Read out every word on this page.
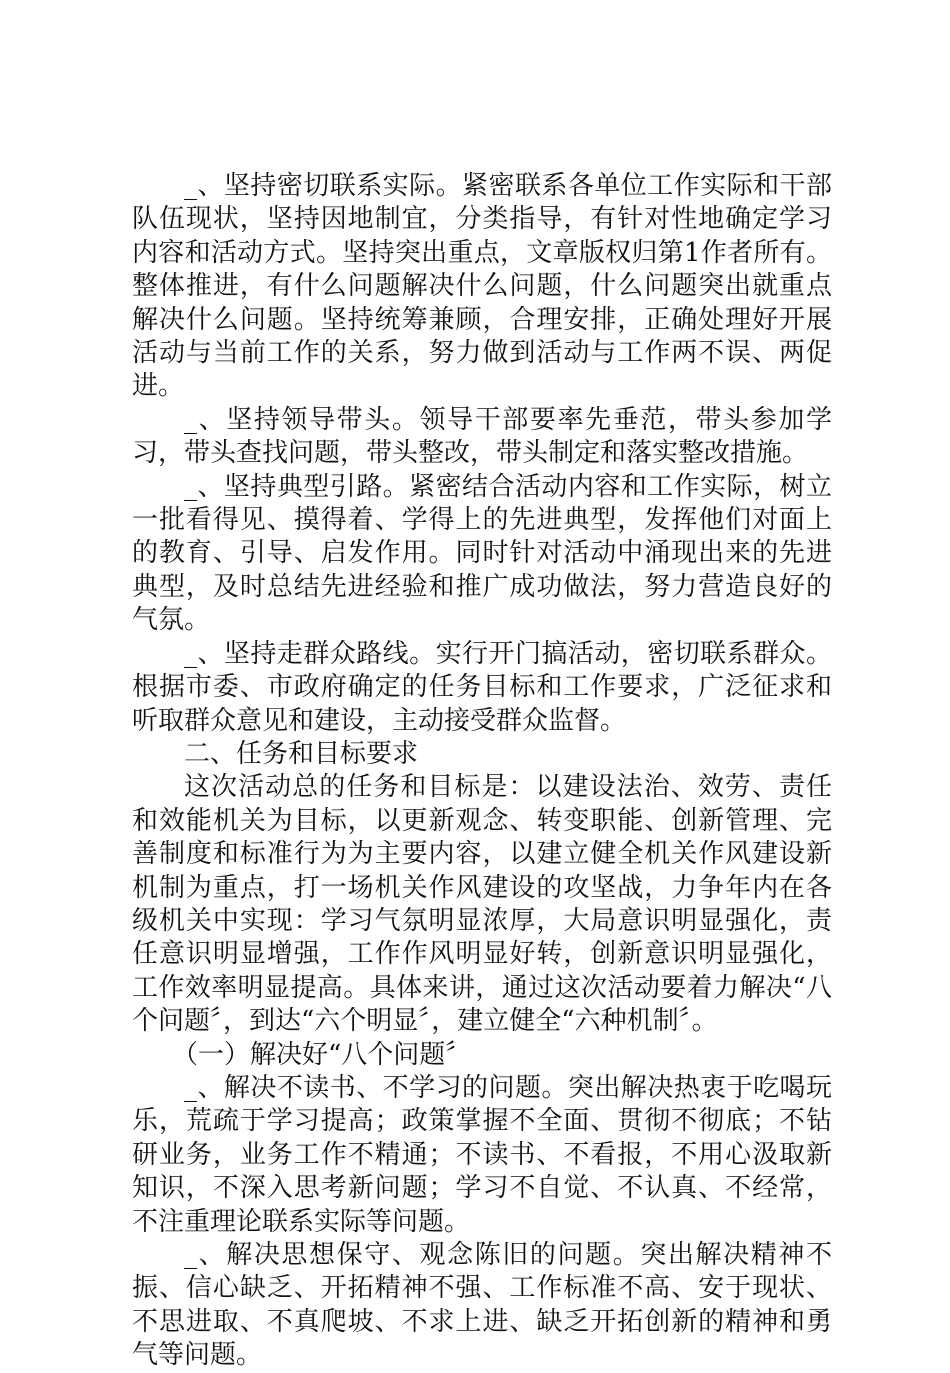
_、坚持密切联系实际。紧密联系各单位工作实际和干部队伍现状，坚持因地制宜，分类指导，有针对性地确定学习内容和活动方式。坚持突出重点，文章版权归第1作者所有。整体推进，有什么问题解决什么问题，什么问题突出就重点解决什么问题。坚持统筹兼顾，合理安排，正确处理好开展活动与当前工作的关系，努力做到活动与工作两不误、两促进。

_、坚持领导带头。领导干部要率先垂范，带头参加学习，带头查找问题，带头整改，带头制定和落实整改措施。

_、坚持典型引路。紧密结合活动内容和工作实际，树立一批看得见、摸得着、学得上的先进典型，发挥他们对面上的教育、引导、启发作用。同时针对活动中涌现出来的先进典型，及时总结先进经验和推广成功做法，努力营造良好的气氛。

_、坚持走群众路线。实行开门搞活动，密切联系群众。根据市委、市政府确定的任务目标和工作要求，广泛征求和听取群众意见和建设，主动接受群众监督。

二、任务和目标要求

这次活动总的任务和目标是：以建设法治、效劳、责任和效能机关为目标，以更新观念、转变职能、创新管理、完善制度和标准行为为主要内容，以建立健全机关作风建设新机制为重点，打一场机关作风建设的攻坚战，力争年内在各级机关中实现：学习气氛明显浓厚，大局意识明显强化，责任意识明显增强，工作作风明显好转，创新意识明显强化，工作效率明显提高。具体来讲，通过这次活动要着力解决“八个问题〞，到达“六个明显〞，建立健全“六种机制〞。

（一）解决好“八个问题〞

_、解决不读书、不学习的问题。突出解决热衷于吃喝玩乐，荒疏于学习提高；政策掌握不全面、贯彻不彻底；不钻研业务，业务工作不精通；不读书、不看报，不用心汲取新知识，不深入思考新问题；学习不自觉、不认真、不经常，不注重理论联系实际等问题。

_、解决思想保守、观念陈旧的问题。突出解决精神不振、信心缺乏、开拓精神不强、工作标准不高、安于现状、不思进取、不真爬坡、不求上进、缺乏开拓创新的精神和勇气等问题。
